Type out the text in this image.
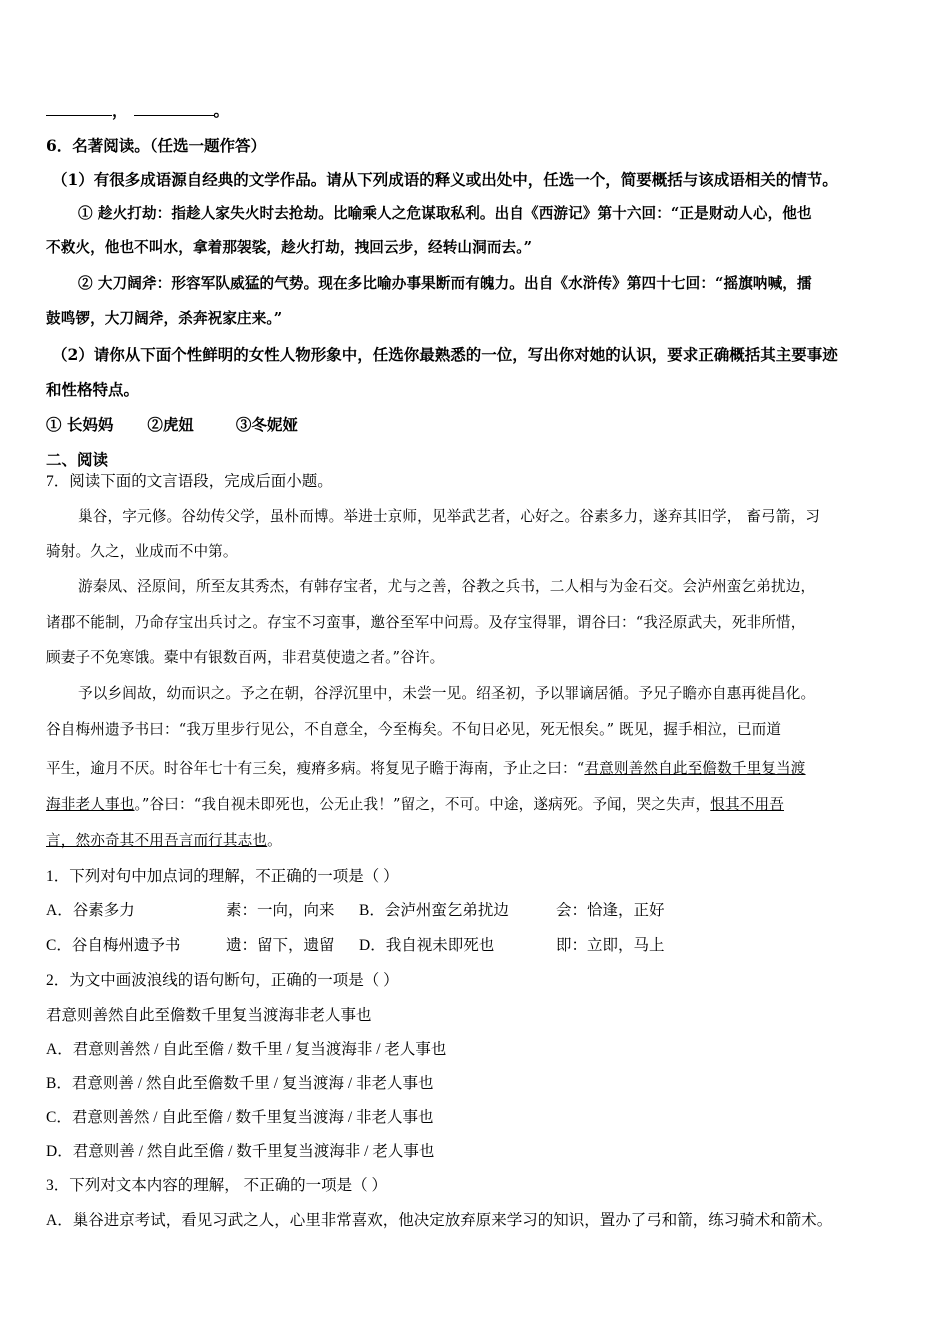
，	。
6．名著阅读。（任选一题作答）
（1）有很多成语源自经典的文学作品。请从下列成语的释义或出处中，任选一个，简要概括与该成语相关的情节。
① 趁火打劫：指趁人家失火时去抢劫。比喻乘人之危谋取私利。出自《西游记》第十六回：“正是财动人心，他也
不救火，他也不叫水，拿着那袈裟，趁火打劫，拽回云步，经转山洞而去。”
② 大刀阔斧：形容军队威猛的气势。现在多比喻办事果断而有魄力。出自《水浒传》第四十七回：“摇旗呐喊，擂
鼓鸣锣，大刀阔斧，杀奔祝家庄来。”
（2）请你从下面个性鲜明的女性人物形象中，任选你最熟悉的一位，写出你对她的认识，要求正确概括其主要事迹
和性格特点。
① 长妈妈 ②虎妞	③冬妮娅
二、阅读
7．阅读下面的文言语段，完成后面小题。
巢谷，字元修。谷幼传父学，虽朴而博。举进士京师，见举武艺者，心好之。谷素多力，遂弃其旧学， 畜弓箭，习
骑射。久之，业成而不中第。
游秦凤、泾原间，所至友其秀杰，有韩存宝者，尤与之善，谷教之兵书，二人相与为金石交。会泸州蛮乞弟扰边，
诸郡不能制，乃命存宝出兵讨之。存宝不习蛮事，邀谷至军中问焉。及存宝得罪，谓谷曰：“我泾原武夫，死非所惜，
顾妻子不免寒饿。橐中有银数百两，非君莫使遗之者。”谷许。
予以乡闾故，幼而识之。予之在朝，谷浮沉里中，未尝一见。绍圣初，予以罪谪居循。予兄子瞻亦自惠再徙昌化。
谷自梅州遗予书曰：“我万里步行见公，不自意全，今至梅矣。不旬日必见，死无恨矣。” 既见，握手相泣，已而道
平生，逾月不厌。时谷年七十有三矣，瘦瘠多病。将复见子瞻于海南，予止之曰：“君意则善然自此至儋数千里复当渡
海非老人事也。”谷曰：“我自视未即死也，公无止我！”留之，不可。中途，遂病死。予闻，哭之失声，恨其不用吾
言，然亦奇其不用吾言而行其志也。
1．下列对句中加点词的理解，不正确的一项是（ ）
A．谷素多力	素：一向，向来 B．会泸州蛮乞弟扰边	会：恰逢，正好
C．谷自梅州遗予书	遗：留下，遗留 D．我自视未即死也	即：立即，马上
2．为文中画波浪线的语句断句，正确的一项是（ ）
君意则善然自此至儋数千里复当渡海非老人事也
A．君意则善然 / 自此至儋 / 数千里 / 复当渡海非 / 老人事也
B．君意则善 / 然自此至儋数千里 / 复当渡海 / 非老人事也
C．君意则善然 / 自此至儋 / 数千里复当渡海 / 非老人事也
D．君意则善 / 然自此至儋 / 数千里复当渡海非 / 老人事也
3．下列对文本内容的理解， 不正确的一项是（ ）
A．巢谷进京考试，看见习武之人，心里非常喜欢，他决定放弃原来学习的知识，置办了弓和箭，练习骑术和箭术。
